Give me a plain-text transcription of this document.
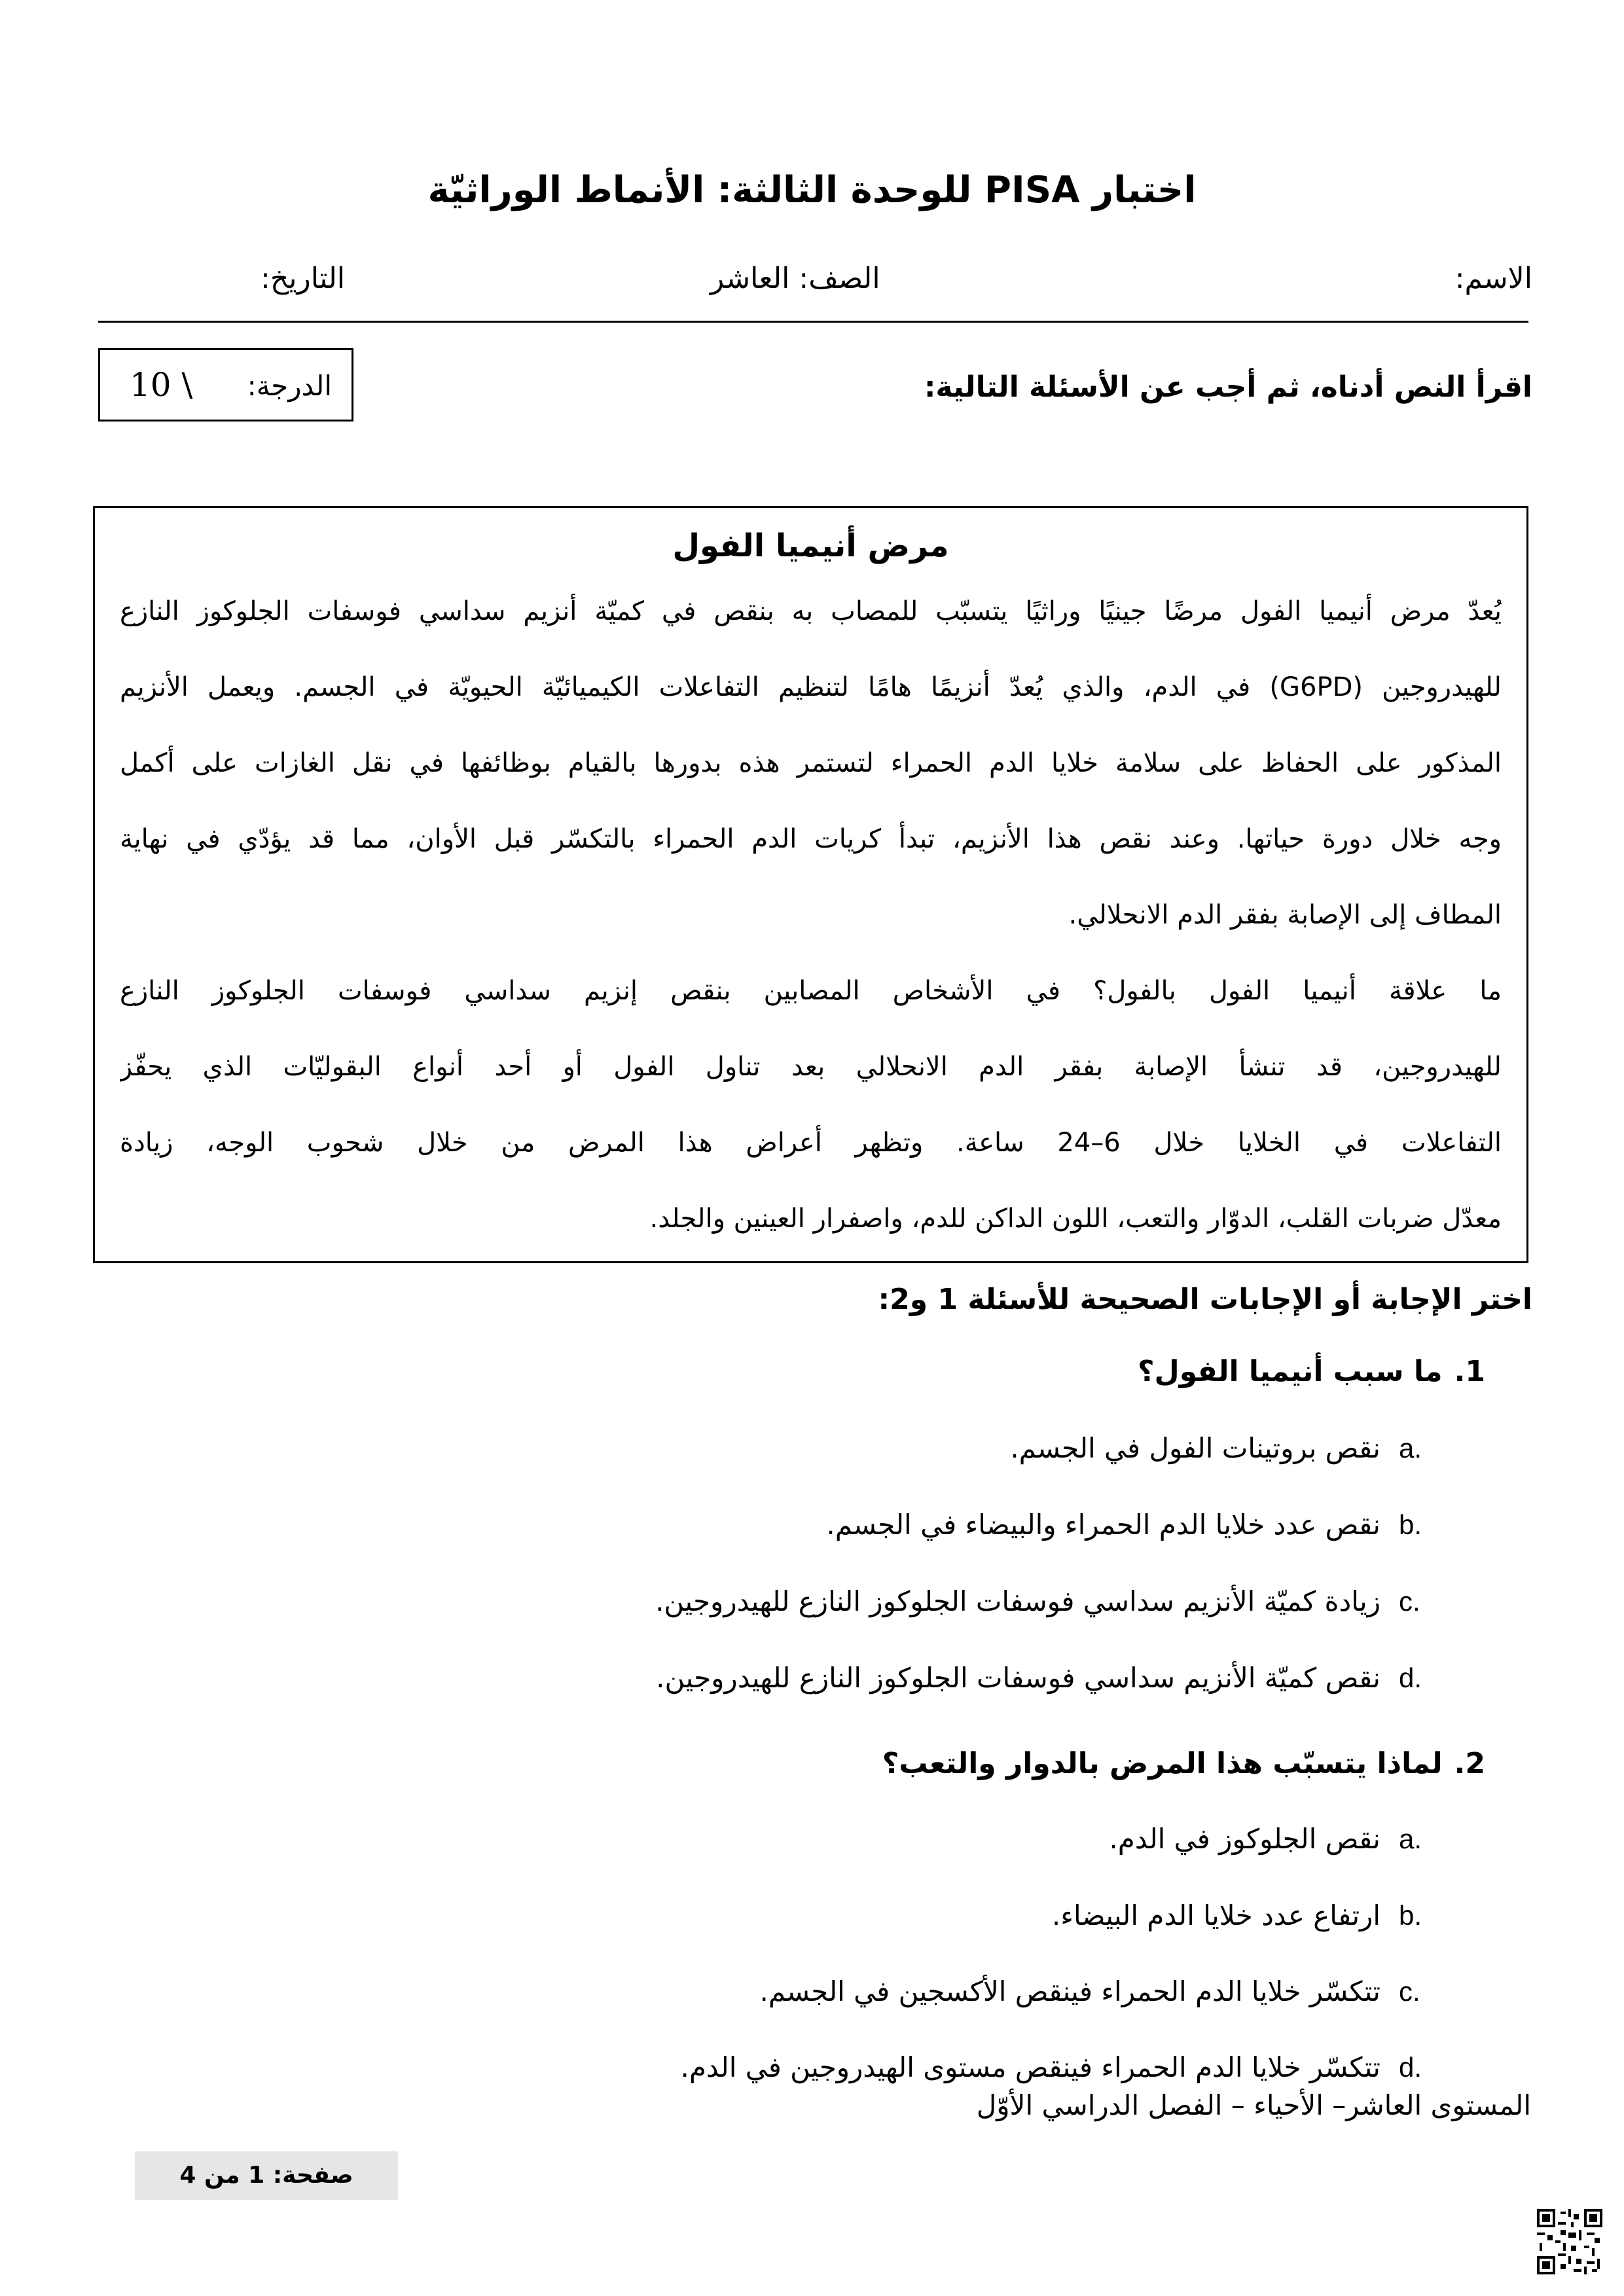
اختبار PISA للوحدة الثالثة: الأنماط الوراثيّة
الاسم:
الصف: العاشر
التاريخ:
اقرأ النص أدناه، ثم أجب عن الأسئلة التالية:
الدرجة:
10 \
مرض أنيميا الفول
يُعدّ مرض أنيميا الفول مرضًا جينيًا وراثيًا يتسبّب للمصاب به بنقص في كميّة أنزيم سداسي فوسفات الجلوكوز النازع
للهيدروجين (G6PD) في الدم، والذي يُعدّ أنزيمًا هامًا لتنظيم التفاعلات الكيميائيّة الحيويّة في الجسم. ويعمل الأنزيم
المذكور على الحفاظ على سلامة خلايا الدم الحمراء لتستمر هذه بدورها بالقيام بوظائفها في نقل الغازات على أكمل
وجه خلال دورة حياتها. وعند نقص هذا الأنزيم، تبدأ كريات الدم الحمراء بالتكسّر قبل الأوان، مما قد يؤدّي في نهاية
المطاف إلى الإصابة بفقر الدم الانحلالي.
ما علاقة أنيميا الفول بالفول؟ في الأشخاص المصابين بنقص إنزيم سداسي فوسفات الجلوكوز النازع
للهيدروجين، قد تنشأ الإصابة بفقر الدم الانحلالي بعد تناول الفول أو أحد أنواع البقوليّات الذي يحفّز
التفاعلات في الخلايا خلال 6–24 ساعة. وتظهر أعراض هذا المرض من خلال شحوب الوجه، زيادة
معدّل ضربات القلب، الدوّار والتعب، اللون الداكن للدم، واصفرار العينين والجلد.
اختر الإجابة أو الإجابات الصحيحة للأسئلة 1 و2:
1.ما سبب أنيميا الفول؟
a.نقص بروتينات الفول في الجسم.
b.نقص عدد خلايا الدم الحمراء والبيضاء في الجسم.
c.زيادة كميّة الأنزيم سداسي فوسفات الجلوكوز النازع للهيدروجين.
d.نقص كميّة الأنزيم سداسي فوسفات الجلوكوز النازع للهيدروجين.
2.لماذا يتسبّب هذا المرض بالدوار والتعب؟
a.نقص الجلوكوز في الدم.
b.ارتفاع عدد خلايا الدم البيضاء.
c.تتكسّر خلايا الدم الحمراء فينقص الأكسجين في الجسم.
d.تتكسّر خلايا الدم الحمراء فينقص مستوى الهيدروجين في الدم.
المستوى العاشر– الأحياء – الفصل الدراسي الأوّل
صفحة: 1 من 4
